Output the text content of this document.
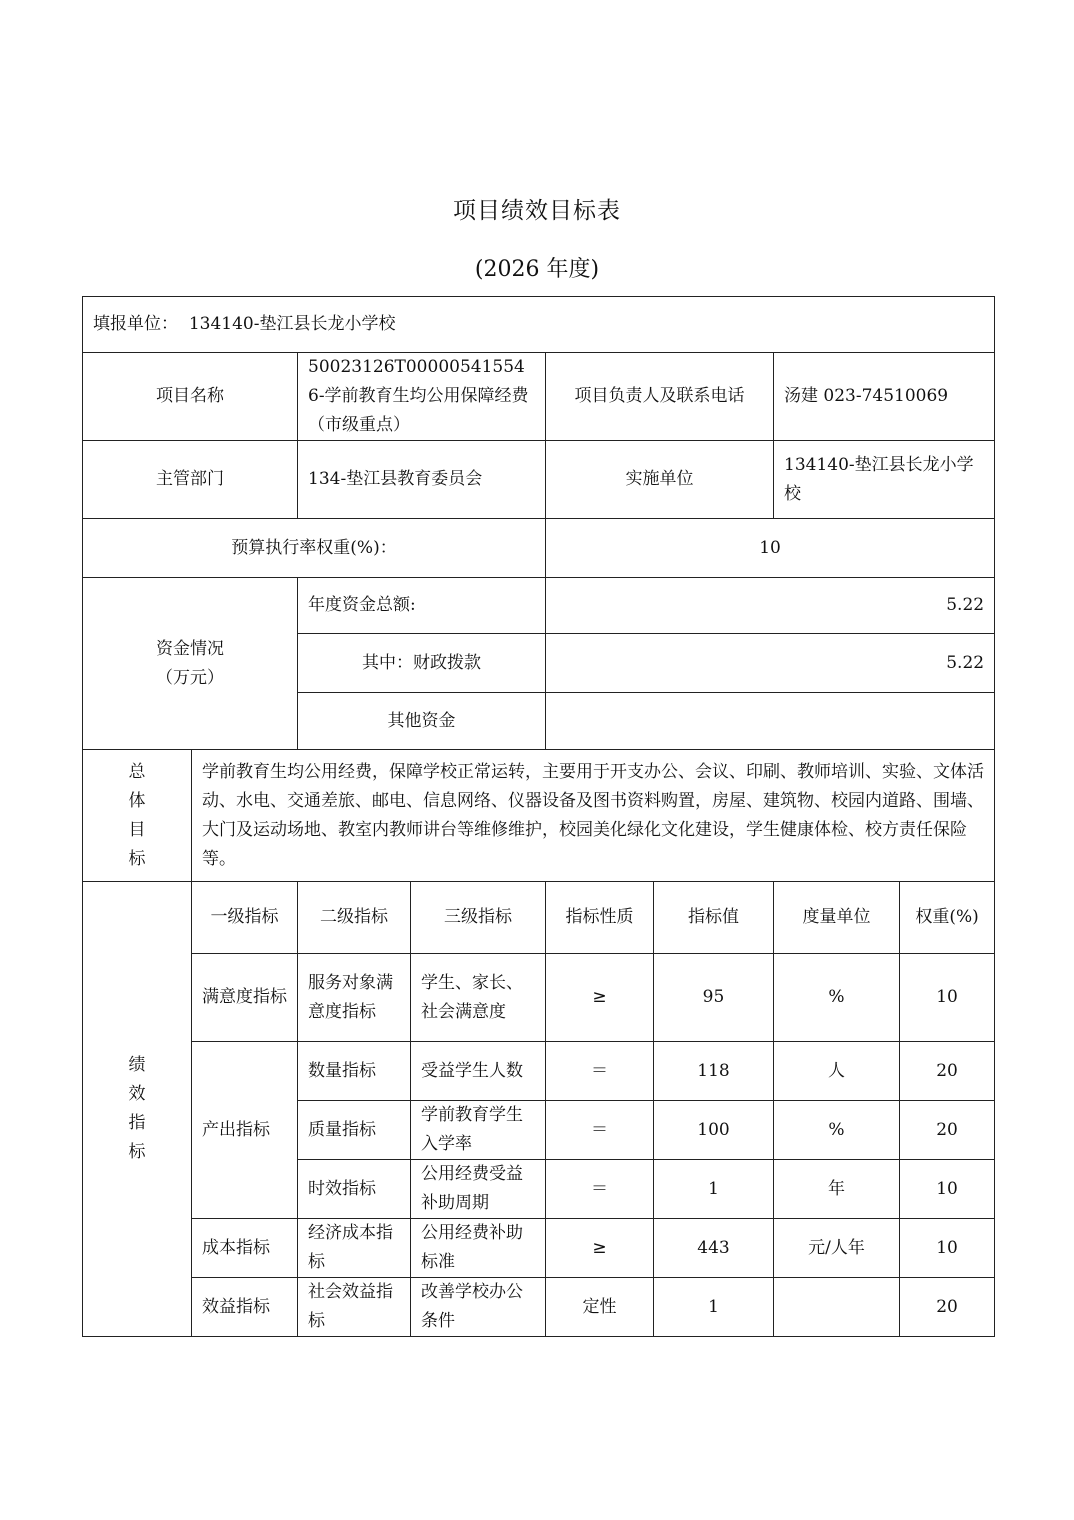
项目绩效目标表
(2026 年度)
填报单位： 134140-垫江县长龙小学校							
项目名称		50023126T000005415546-学前教育生均公用保障经费（市级重点）		项目负责人及联系电话		汤建 023-74510069	
主管部门		134-垫江县教育委员会		实施单位		134140-垫江县长龙小学校	
预算执行率权重(%)：				10			

资金情况
（万元）		年度资金总额:		5.22			
		其中：财政拨款		5.22			
		其他资金					

总
体
目
标	学前教育生均公用经费，保障学校正常运转，主要用于开支办公、会议、印刷、教师培训、实验、文体活动、水电、交通差旅、邮电、信息网络、仪器设备及图书资料购置，房屋、建筑物、校园内道路、围墙、大门及运动场地、教室内教师讲台等维修维护，校园美化绿化文化建设，学生健康体检、校方责任保险等。						

绩
效
指
标	一级指标	二级指标	三级指标	指标性质	指标值	度量单位	权重(%)
	满意度指标	服务对象满意度指标	学生、家长、社会满意度	≥	95	%	10
	产出指标	数量指标	受益学生人数	＝	118	人	20
		质量指标	学前教育学生入学率	＝	100	%	20
		时效指标	公用经费受益补助周期	＝	1	年	10
	成本指标	经济成本指标	公用经费补助标准	≥	443	元/人年	10
	效益指标	社会效益指标	改善学校办公条件	定性	1		20
